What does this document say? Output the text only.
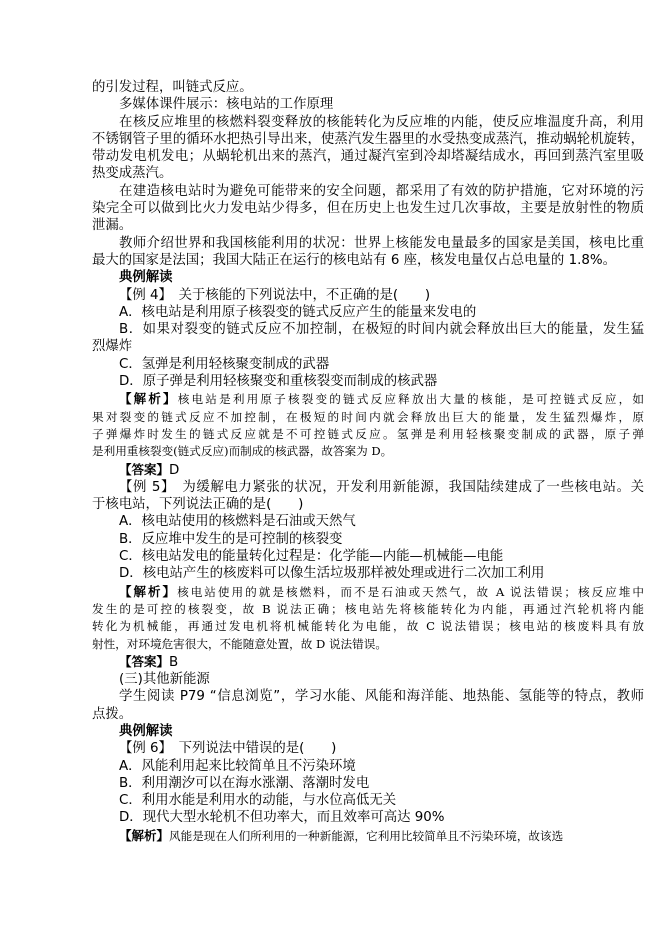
的引发过程，叫链式反应。
多媒体课件展示：核电站的工作原理
在核反应堆里的核燃料裂变释放的核能转化为反应堆的内能，使反应堆温度升高，利用
不锈钢管子里的循环水把热引导出来，使蒸汽发生器里的水受热变成蒸汽，推动蜗轮机旋转，
带动发电机发电；从蜗轮机出来的蒸汽，通过凝汽室到冷却塔凝结成水，再回到蒸汽室里吸
热变成蒸汽。
在建造核电站时为避免可能带来的安全问题，都采用了有效的防护措施，它对环境的污
染完全可以做到比火力发电站少得多，但在历史上也发生过几次事故，主要是放射性的物质
泄漏。
教师介绍世界和我国核能利用的状况：世界上核能发电量最多的国家是美国，核电比重
最大的国家是法国；我国大陆正在运行的核电站有 6 座，核发电量仅占总电量的 1.8%。
典例解读
【例 4】　关于核能的下列说法中，不正确的是(　　)
A．核电站是利用原子核裂变的链式反应产生的能量来发电的
B．如果对裂变的链式反应不加控制，在极短的时间内就会释放出巨大的能量，发生猛
烈爆炸
C．氢弹是利用轻核聚变制成的武器
D．原子弹是利用轻核聚变和重核裂变而制成的核武器
【解析】核电站是利用原子核裂变的链式反应释放出大量的核能，是可控链式反应，如
果对裂变的链式反应不加控制，在极短的时间内就会释放出巨大的能量，发生猛烈爆炸，原
子弹爆炸时发生的链式反应就是不可控链式反应。氢弹是利用轻核聚变制成的武器，原子弹
是利用重核裂变(链式反应)而制成的核武器，故答案为 D。
【答案】D
【例 5】　为缓解电力紧张的状况，开发利用新能源，我国陆续建成了一些核电站。关
于核电站，下列说法正确的是(　　)
A．核电站使用的核燃料是石油或天然气
B．反应堆中发生的是可控制的核裂变
C．核电站发电的能量转化过程是：化学能—内能—机械能—电能
D．核电站产生的核废料可以像生活垃圾那样被处理或进行二次加工利用
【解析】核电站使用的就是核燃料，而不是石油或天然气，故 A 说法错误；核反应堆中
发生的是可控的核裂变，故 B 说法正确；核电站先将核能转化为内能，再通过汽轮机将内能
转化为机械能，再通过发电机将机械能转化为电能，故 C 说法错误；核电站的核废料具有放
射性，对环境危害很大，不能随意处置，故 D 说法错误。
【答案】B
(三)其他新能源
学生阅读 P79 “信息浏览”，学习水能、风能和海洋能、地热能、氢能等的特点，教师
点拨。
典例解读
【例 6】　下列说法中错误的是(　　)
A．风能利用起来比较简单且不污染环境
B．利用潮汐可以在海水涨潮、落潮时发电
C．利用水能是利用水的动能，与水位高低无关
D．现代大型水轮机不但功率大，而且效率可高达 90%
【解析】风能是现在人们所利用的一种新能源，它利用比较简单且不污染环境，故该选
